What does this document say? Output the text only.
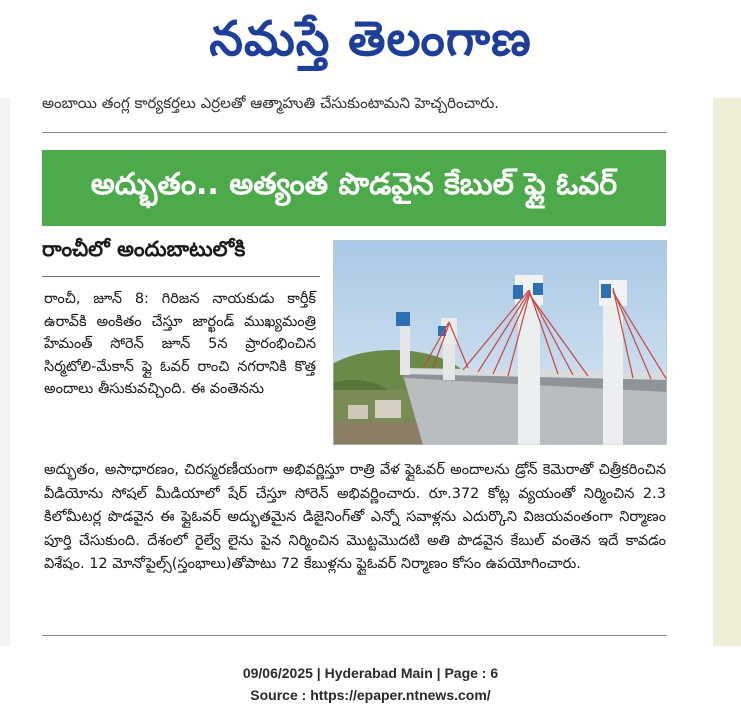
నమస్తే తెలంగాణ
అంబాయి తంగ్ల కార్యకర్తలు ఎర్రలతో ఆత్మాహుతి చేసుకుంటామని హెచ్చరించారు.
అద్భుతం.. అత్యంత పొడవైన కేబుల్ ఫ్లై ఓవర్
రాంచీలో అందుబాటులోకి

రాంచీ, జూన్ 8: గిరిజన నాయకుడు కార్తీక్ ఉరావ్‌కి అంకితం చేస్తూ జార్ఖండ్ ముఖ్యమంత్రి హేమంత్ సోరెన్ జూన్ 5న ప్రారంభించిన సిర్మటోలి-మేకాన్ ఫ్లై ఓవర్ రాంచి నగరానికి కొత్త అందాలు తీసుకువచ్చింది. ఈ వంతెనను

అద్భుతం, అసాధారణం, చిరస్మరణీయంగా అభివర్ణిస్తూ రాత్రి వేళ ఫ్లైఓవర్ అందాలను డ్రోన్ కెమెరాతో చిత్రీకరించిన వీడియోను సోషల్ మీడియాలో షేర్ చేస్తూ సోరెన్ అభివర్ణించారు. రూ.372 కోట్ల వ్యయంతో నిర్మించిన 2.3 కిలోమీటర్ల పొడవైన ఈ ఫ్లైఓవర్ అద్భుతమైన డిజైనింగ్‌తో ఎన్నో సవాళ్లను ఎదుర్కొని విజయవంతంగా నిర్మాణం పూర్తి చేసుకుంది. దేశంలో రైల్వే లైను పైన నిర్మించిన మొట్టమొదటి అతి పొడవైన కేబుల్ వంతెన ఇదే కావడం విశేషం. 12 మోనోపైల్స్(స్తంభాలు)తోపాటు 72 కేబుళ్లను ఫ్లైఓవర్ నిర్మాణం కోసం ఉపయోగించారు.

09/06/2025 | Hyderabad Main | Page : 6
Source : https://epaper.ntnews.com/
